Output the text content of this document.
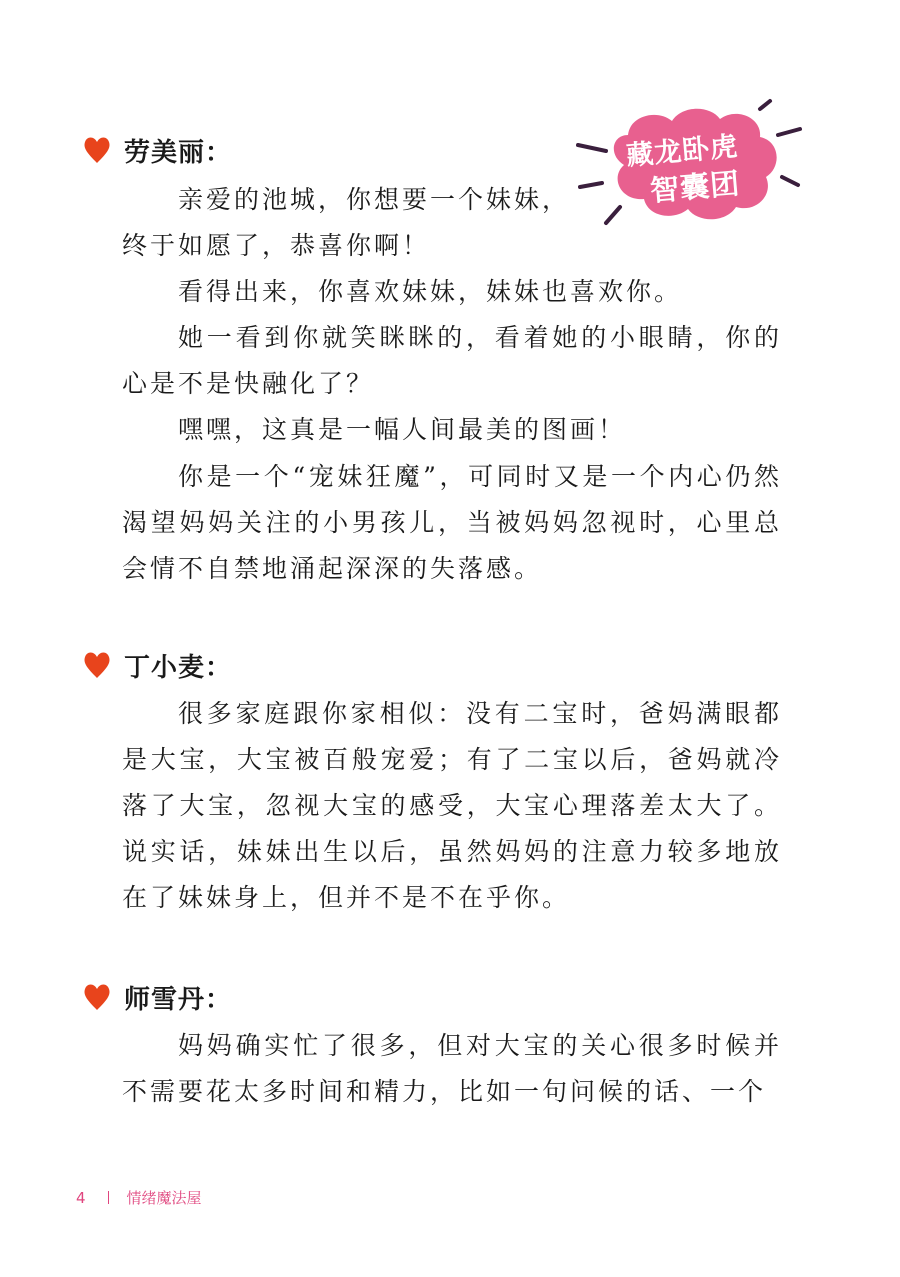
藏龙卧虎
智囊团
劳美丽：

亲爱的池城，你想要一个妹妹，

终于如愿了，恭喜你啊！

看得出来，你喜欢妹妹，妹妹也喜欢你。

她一看到你就笑眯眯的，看着她的小眼睛，你的心是不是快融化了？

嘿嘿，这真是一幅人间最美的图画！

你是一个“宠妹狂魔”，可同时又是一个内心仍然渴望妈妈关注的小男孩儿，当被妈妈忽视时，心里总会情不自禁地涌起深深的失落感。

丁小麦：

很多家庭跟你家相似：没有二宝时，爸妈满眼都是大宝，大宝被百般宠爱；有了二宝以后，爸妈就冷落了大宝，忽视大宝的感受，大宝心理落差太大了。说实话，妹妹出生以后，虽然妈妈的注意力较多地放在了妹妹身上，但并不是不在乎你。

师雪丹：

妈妈确实忙了很多，但对大宝的关心很多时候并不需要花太多时间和精力，比如一句问候的话、一个

4	情绪魔法屋
